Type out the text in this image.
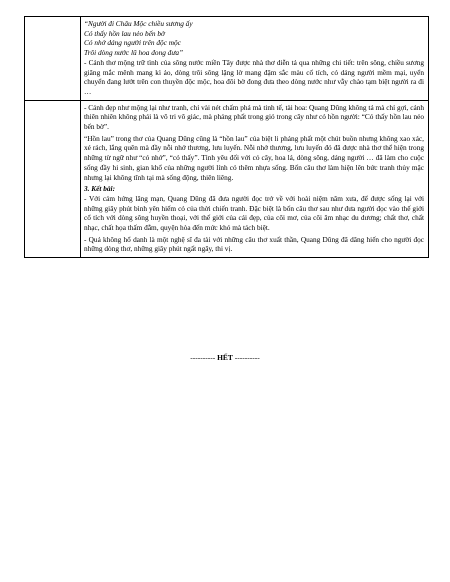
	“Người đi Châu Mộc chiều sương ấy

Có thấy hồn lau nẻo bến bờ

Có nhớ dáng người trên độc mộc

Trôi dòng nước lũ hoa đong đưa”

- Cảnh thơ mộng trữ tình của sông nước miền Tây được nhà thơ diễn tả qua những chi tiết: trên sông, chiều sương giăng mắc mênh mang kì ảo, dòng trôi sông lặng lờ mang đậm sắc màu cổ tích, có dáng người mềm mại, uyển chuyển đang lướt trên con thuyền độc mộc, hoa đôi bờ đong đưa theo dòng nước như vẫy chào tạm biệt người ra đi …

	- Cảnh đẹp như mộng lại như tranh, chỉ vài nét chấm phá mà tinh tế, tài hoa: Quang Dũng không tả mà chỉ gợi, cảnh thiên nhiên không phải là vô tri vô giác, mà phảng phất trong gió trong cây như có hồn người: “Có thấy hồn lau nẻo bến bờ”.

“Hồn lau” trong thơ của Quang Dũng cũng là “hồn lau” của biệt li phảng phất một chút buồn nhưng không xao xác, xé rách, lắng quên mà đầy nỗi nhớ thương, lưu luyến. Nỗi nhớ thương, lưu luyến đó đã được nhà thơ thể hiện trong những từ ngữ như “có nhớ”, “có thấy”. Tình yêu đối với cỏ cây, hoa lá, dòng sông, dáng người … đã làm cho cuộc sống đầy hi sinh, gian khổ của những người lính có thêm nhựa sống. Bốn câu thơ làm hiện lên bức tranh thủy mặc nhưng lại không tĩnh tại mà sống động, thiên liêng.

3. Kết bài:

- Với cảm hứng lãng mạn, Quang Dũng đã đưa người đọc trở về với hoài niệm năm xưa, để được sống lại với những giây phút bình yên hiếm có của thời chiến tranh. Đặc biệt là bốn câu thơ sau như đưa người đọc vào thế giới cổ tích với dòng sông huyền thoại, với thế giới của cái đẹp, của cõi mơ, của cõi âm nhạc du dương; chất thơ, chất nhạc, chất họa thấm đẫm, quyện hòa đến mức khó mà tách biệt.

- Quả không hổ danh là một nghệ sĩ đa tài với những câu thơ xuất thần, Quang Dũng đã dâng hiến cho người đọc những dòng thơ, những giây phút ngất ngây, thi vị.

---------- HẾT ----------
